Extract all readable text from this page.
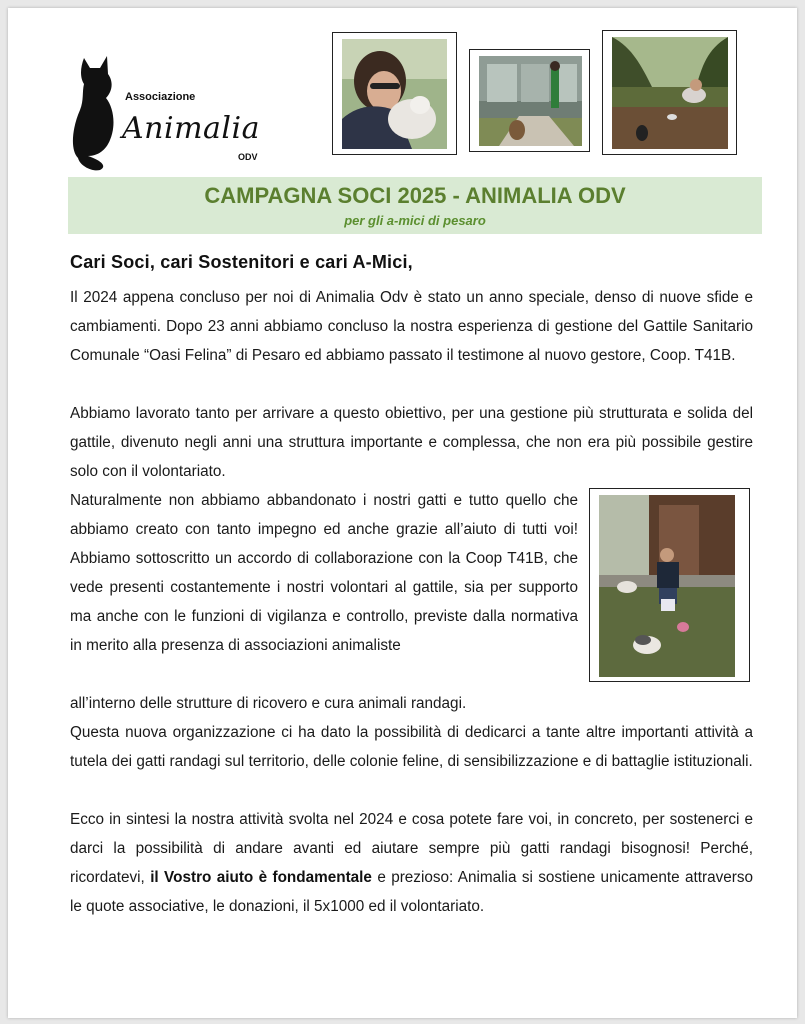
Associazione
Animalia
ODV
CAMPAGNA SOCI 2025 - ANIMALIA ODV
per gli a-mici di pesaro
Cari Soci, cari Sostenitori e cari A-Mici,
Il 2024 appena concluso per noi di Animalia Odv è stato un anno speciale, denso di nuove sfide e cambiamenti. Dopo 23 anni abbiamo concluso la nostra esperienza di gestione del Gattile Sanitario Comunale “Oasi Felina” di Pesaro ed abbiamo passato il testimone al nuovo gestore, Coop. T41B.
Abbiamo lavorato tanto per arrivare a questo obiettivo, per una gestione più strutturata e solida del gattile, divenuto negli anni una struttura importante e complessa, che non era più possibile gestire solo con il volontariato.
Naturalmente non abbiamo abbandonato i nostri gatti e tutto quello che abbiamo creato con tanto impegno ed anche grazie all’aiuto di tutti voi! Abbiamo sottoscritto un accordo di collaborazione con la Coop T41B, che vede presenti costantemente i nostri volontari al gattile, sia per supporto ma anche con le funzioni di vigilanza e controllo, previste dalla normativa in merito alla presenza di associazioni animaliste
all’interno delle strutture di ricovero e cura animali randagi.
Questa nuova organizzazione ci ha dato la possibilità di dedicarci a tante altre importanti attività a tutela dei gatti randagi sul territorio, delle colonie feline, di sensibilizzazione e di battaglie istituzionali.
Ecco in sintesi la nostra attività svolta nel 2024 e cosa potete fare voi, in concreto, per sostenerci e darci la possibilità di andare avanti ed aiutare sempre più gatti randagi bisognosi! Perché, ricordatevi, il Vostro aiuto è fondamentale e prezioso: Animalia si sostiene unicamente attraverso le quote associative, le donazioni, il 5x1000 ed il volontariato.
